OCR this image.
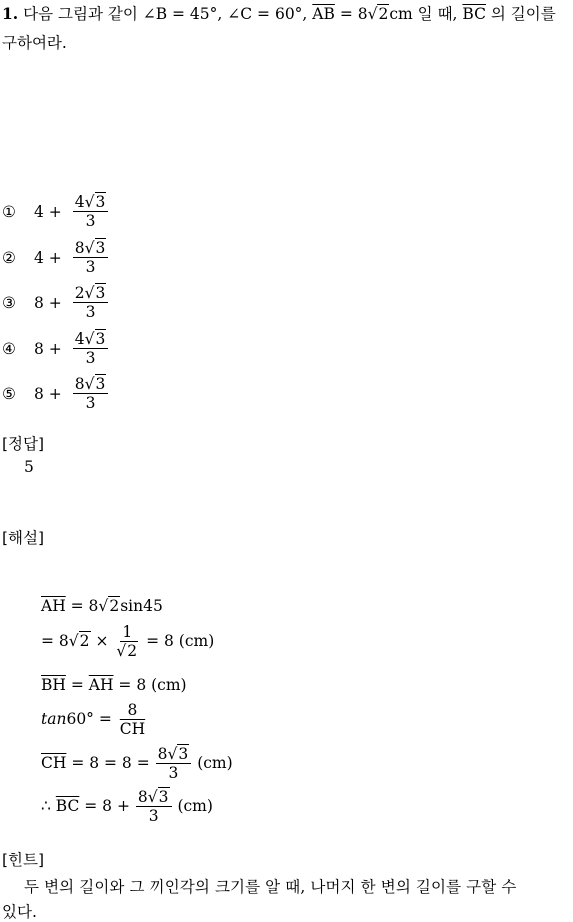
1. 다음 그림과 같이 ∠B = 45°, ∠C = 60°, $\overline{AB} = 8√2cm$ 일 때, $\overline{BC}$ 의 길이를
구하여라.
①	$4 + \frac{4√3}{3}$
②	$4 + \frac{8√3}{3}$
③	$8 + \frac{2√3}{3}$
④	$8 + \frac{4√3}{3}$
⑤	$8 + \frac{8√3}{3}$
[정답]
5
[해설]
$\overline{AH} = 8√2\sin 45$
= $8√2 \times \frac{1}{√2} = 8$ (cm)
$\overline{BH} = \overline{AH} = 8$ (cm)
$\tan 60^\circ = \frac{8}{CH}$
$\overline{CH} = 8 = 8 = \frac{8√3}{3} (cm)$
∴ $\overline{BC} = 8 + \frac{8√3}{3} (cm)$
[힌트]
두 변의 길이와 그 끼인각의 크기를 알 때, 나머지 한 변의 길이를 구할 수
있다.
